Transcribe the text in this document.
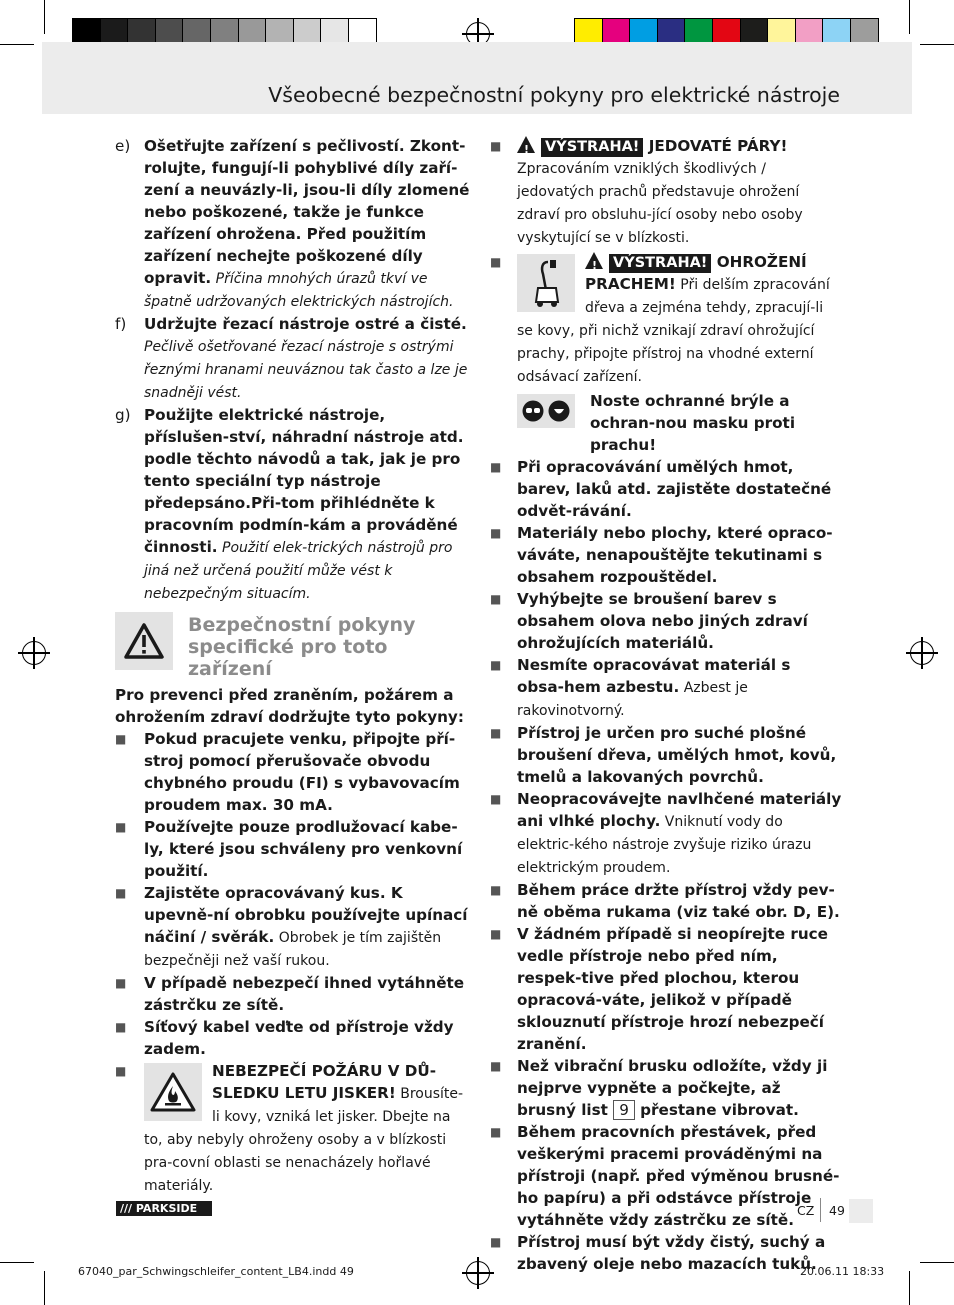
Všeobecné bezpečnostní pokyny pro elektrické nástroje
e) Ošetřujte zařízení s pečlivostí. Zkont-rolujte, fungují-li pohyblivé díly zaří-zení a neuvázly-li, jsou-li díly zlomené nebo poškozené, takže je funkce zařízení ohrožena. Před použitím zařízení nechejte poškozené díly opravit. Příčina mnohých úrazů tkví ve špatně udržovaných elektrických nástrojích.
f) Udržujte řezací nástroje ostré a čisté.
Pečlivě ošetřované řezací nástroje s ostrými řeznými hranami neuváznou tak často a lze je snadněji vést.
g) Použijte elektrické nástroje, příslušen-ství, náhradní nástroje atd. podle těchto návodů a tak, jak je pro tento speciální typ nástroje předepsáno.Při-tom přihlédněte k pracovním podmín-kám a prováděné činnosti. Použití elek-trických nástrojů pro jiná než určená použití může vést k nebezpečným situacím.
Bezpečnostní pokyny specifické pro toto zařízení
Pro prevenci před zraněním, požárem a ohrožením zdraví dodržujte tyto pokyny:
■ Pokud pracujete venku, připojte pří-stroj pomocí přerušovače obvodu chybného proudu (FI) s vybavovacím proudem max. 30 mA.
■ Používejte pouze prodlužovací kabe-ly, které jsou schváleny pro venkovní použití.
■ Zajistěte opracovávaný kus. K upevně-ní obrobku používejte upínací náčiní / svěrák. Obrobek je tím zajištěn bezpečněji než vaší rukou.
■ V případě nebezpečí ihned vytáhněte zástrčku ze sítě.
■ Síťový kabel veďte od přístroje vždy zadem.
■	NEBEZPEČÍ POŽÁRU V DŮ-SLEDKU LETU JISKER! Brousíte-li kovy, vzniká let jisker. Dbejte na to, aby nebyly ohroženy osoby a v blízkosti pra-covní oblasti se nenacházely hořlavé materiály.
■ !	VÝSTRAHA! JEDOVATÉ PÁRY!
Zpracováním vzniklých škodlivých / jedovatých prachů představuje ohrožení zdraví pro obsluhu-jící osoby nebo osoby vyskytující se v blízkosti.
■ !	VÝSTRAHA! OHROŽENÍ PRACHEM! Při delším zpracování dřeva a zejména tehdy, zpracují-li se kovy, při nichž vznikají zdraví ohrožující prachy, připojte přístroj na vhodné externí odsávací zařízení.
Noste ochranné brýle a ochran-nou masku proti prachu!
■ Při opracovávání umělých hmot, barev, laků atd. zajistěte dostatečné odvět-rávání.
■ Materiály nebo plochy, které opraco-váváte, nenapouštějte tekutinami s obsahem rozpouštědel.
■ Vyhýbejte se broušení barev s obsahem olova nebo jiných zdraví ohrožujících materiálů.
■ Nesmíte opracovávat materiál s obsa-hem azbestu. Azbest je rakovinotvorný.
■ Přístroj je určen pro suché plošné broušení dřeva, umělých hmot, kovů, tmelů a lakovaných povrchů.
■ Neopracovávejte navlhčené materiály ani vlhké plochy. Vniknutí vody do elektric-kého nástroje zvyšuje riziko úrazu elektrickým proudem.
■ Během práce držte přístroj vždy pev-ně oběma rukama (viz také obr. D, E).
■ V žádném případě si neopírejte ruce vedle přístroje nebo před ním, respek-tive před plochou, kterou opracová-váte, jelikož v případě sklouznutí přístroje hrozí nebezpečí zranění.
■ Než vibrační brusku odložíte, vždy ji nejprve vypněte a počkejte, až brusný list 9 přestane vibrovat.
■ Během pracovních přestávek, před veškerými pracemi prováděnými na přístroji (např. před výměnou brusné-ho papíru) a při odstávce přístroje vytáhněte vždy zástrčku ze sítě.
■ Přístroj musí být vždy čistý, suchý a zbavený oleje nebo mazacích tuků.
/// PARKSIDE	CZ 49
67040_par_Schwingschleifer_content_LB4.indd 49	20.06.11 18:33
